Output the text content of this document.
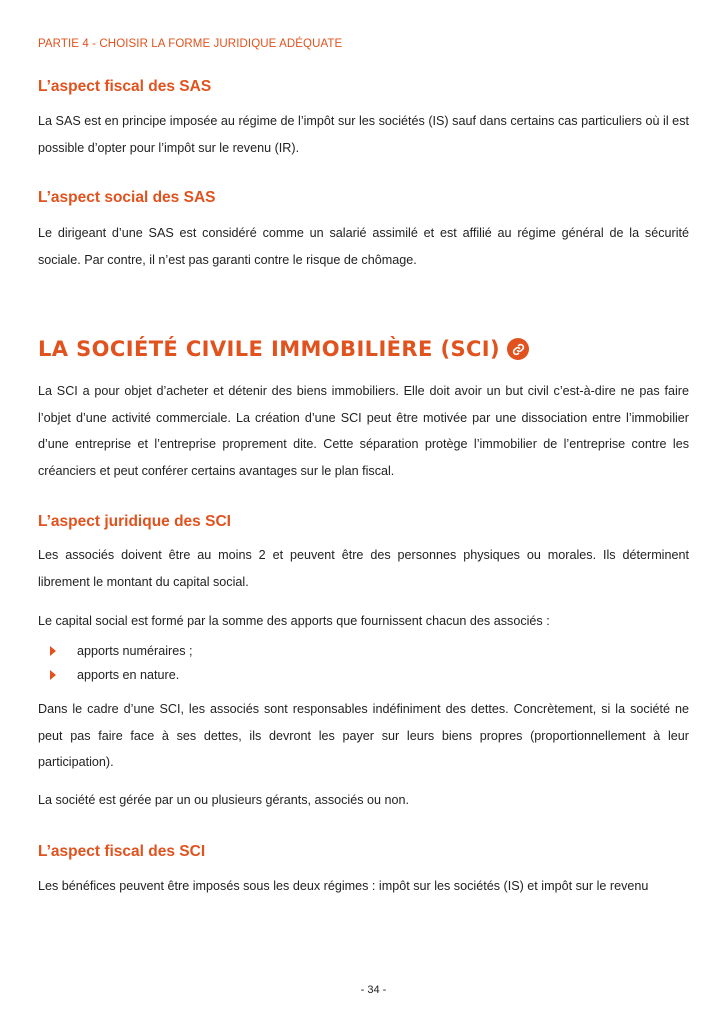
PARTIE 4 - CHOISIR LA FORME JURIDIQUE ADÉQUATE
L’aspect fiscal des SAS

La SAS est en principe imposée au régime de l’impôt sur les sociétés (IS) sauf dans certains cas particuliers où il est possible d’opter pour l’impôt sur le revenu (IR).

L’aspect social des SAS

Le dirigeant d’une SAS est considéré comme un salarié assimilé et est affilié au régime général de la sécurité sociale. Par contre, il n’est pas garanti contre le risque de chômage.

LA SOCIÉTÉ CIVILE IMMOBILIÈRE (SCI)

La SCI a pour objet d’acheter et détenir des biens immobiliers. Elle doit avoir un but civil c’est-à-dire ne pas faire l’objet d’une activité commerciale. La création d’une SCI peut être motivée par une dissociation entre l’immobilier d’une entreprise et l’entreprise proprement dite. Cette séparation protège l’immobilier de l’entreprise contre les créanciers et peut conférer certains avantages sur le plan fiscal.

L’aspect juridique des SCI

Les associés doivent être au moins 2 et peuvent être des personnes physiques ou morales. Ils déterminent librement le montant du capital social.

Le capital social est formé par la somme des apports que fournissent chacun des associés :

apports numéraires ;
apports en nature.

Dans le cadre d’une SCI, les associés sont responsables indéfiniment des dettes. Concrètement, si la société ne peut pas faire face à ses dettes, ils devront les payer sur leurs biens propres (proportionnellement à leur participation).

La société est gérée par un ou plusieurs gérants, associés ou non.

L’aspect fiscal des SCI

Les bénéfices peuvent être imposés sous les deux régimes : impôt sur les sociétés (IS) et impôt sur le revenu

- 34 -
